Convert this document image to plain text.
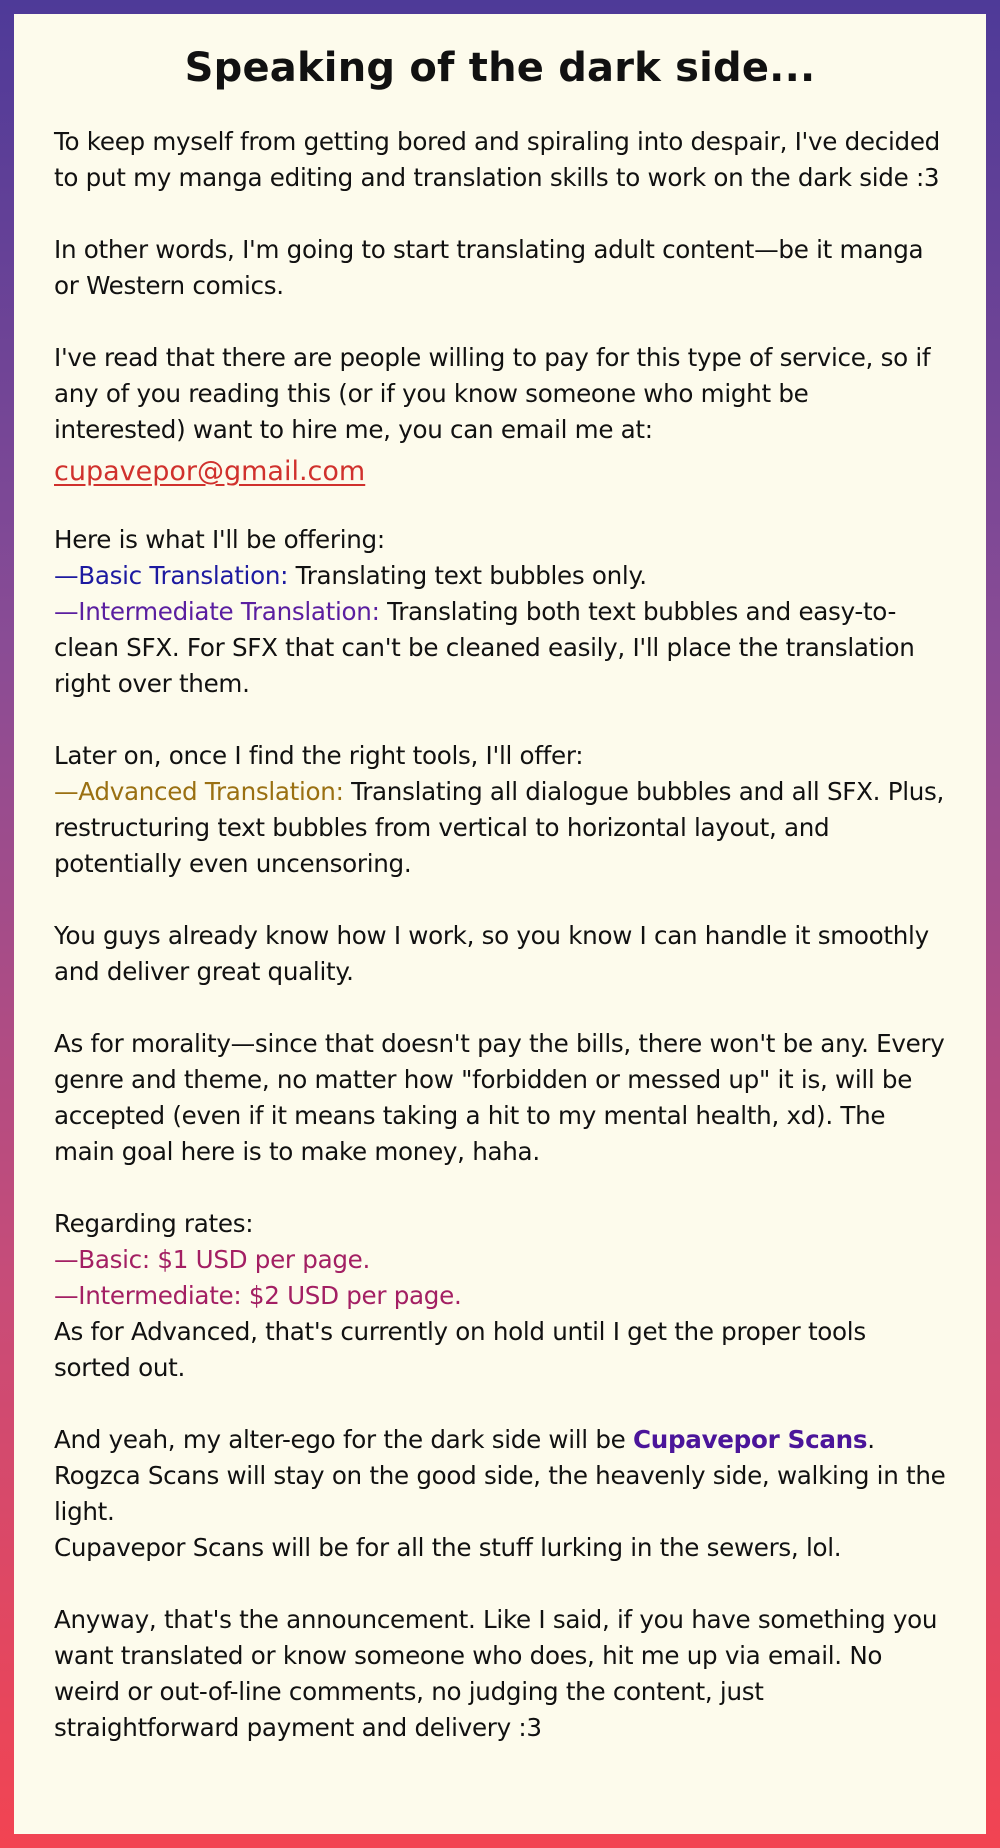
Speaking of the dark side...

To keep myself from getting bored and spiraling into despair, I've decided to put my manga editing and translation skills to work on the dark side :3

In other words, I'm going to start translating adult content—be it manga or Western comics.

I've read that there are people willing to pay for this type of service, so if any of you reading this (or if you know someone who might be interested) want to hire me, you can email me at:

cupavepor@gmail.com

Here is what I'll be offering:
—Basic Translation: Translating text bubbles only.
—Intermediate Translation: Translating both text bubbles and easy-to-clean SFX. For SFX that can't be cleaned easily, I'll place the translation right over them.

Later on, once I find the right tools, I'll offer:
—Advanced Translation: Translating all dialogue bubbles and all SFX. Plus, restructuring text bubbles from vertical to horizontal layout, and potentially even uncensoring.

You guys already know how I work, so you know I can handle it smoothly and deliver great quality.

As for morality—since that doesn't pay the bills, there won't be any. Every genre and theme, no matter how "forbidden or messed up" it is, will be accepted (even if it means taking a hit to my mental health, xd). The main goal here is to make money, haha.

Regarding rates:
—Basic: $1 USD per page.
—Intermediate: $2 USD per page.
As for Advanced, that's currently on hold until I get the proper tools sorted out.

And yeah, my alter-ego for the dark side will be Cupavepor Scans.
Rogzca Scans will stay on the good side, the heavenly side, walking in the light.
Cupavepor Scans will be for all the stuff lurking in the sewers, lol.

Anyway, that's the announcement. Like I said, if you have something you want translated or know someone who does, hit me up via email. No weird or out-of-line comments, no judging the content, just straightforward payment and delivery :3
